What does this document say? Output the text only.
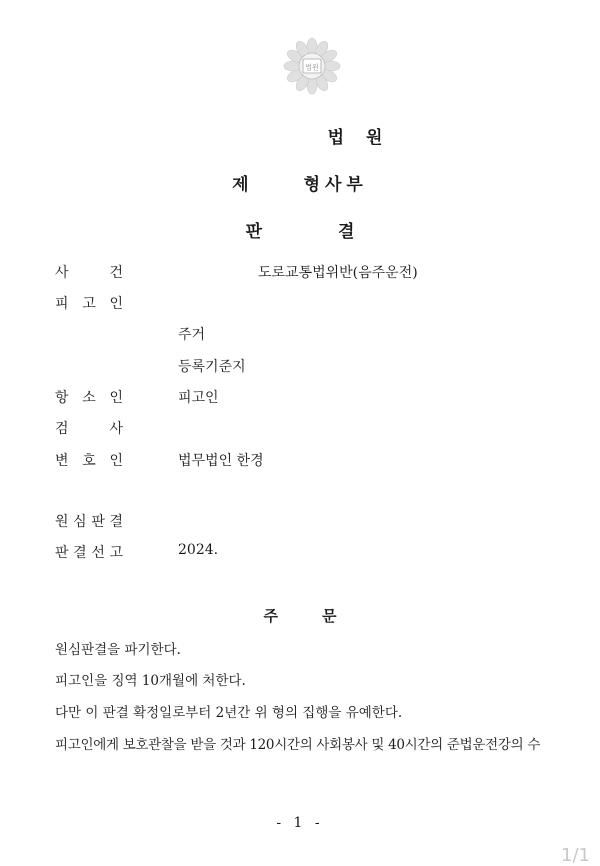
법원
법 원
제	형사부
판	결
사	건	도로교통법위반(음주운전)
피 고 인
주거
등록기준지
항 소 인	피고인
검	사
변 호 인	법무법인 한경
원 심 판 결
판 결 선 고	2024.
주	문
원심판결을 파기한다.
피고인을 징역 10개월에 처한다.
다만 이 판결 확정일로부터 2년간 위 형의 집행을 유예한다.
피고인에게 보호관찰을 받을 것과 120시간의 사회봉사 및 40시간의 준법운전강의 수
- 1 -
1/1
